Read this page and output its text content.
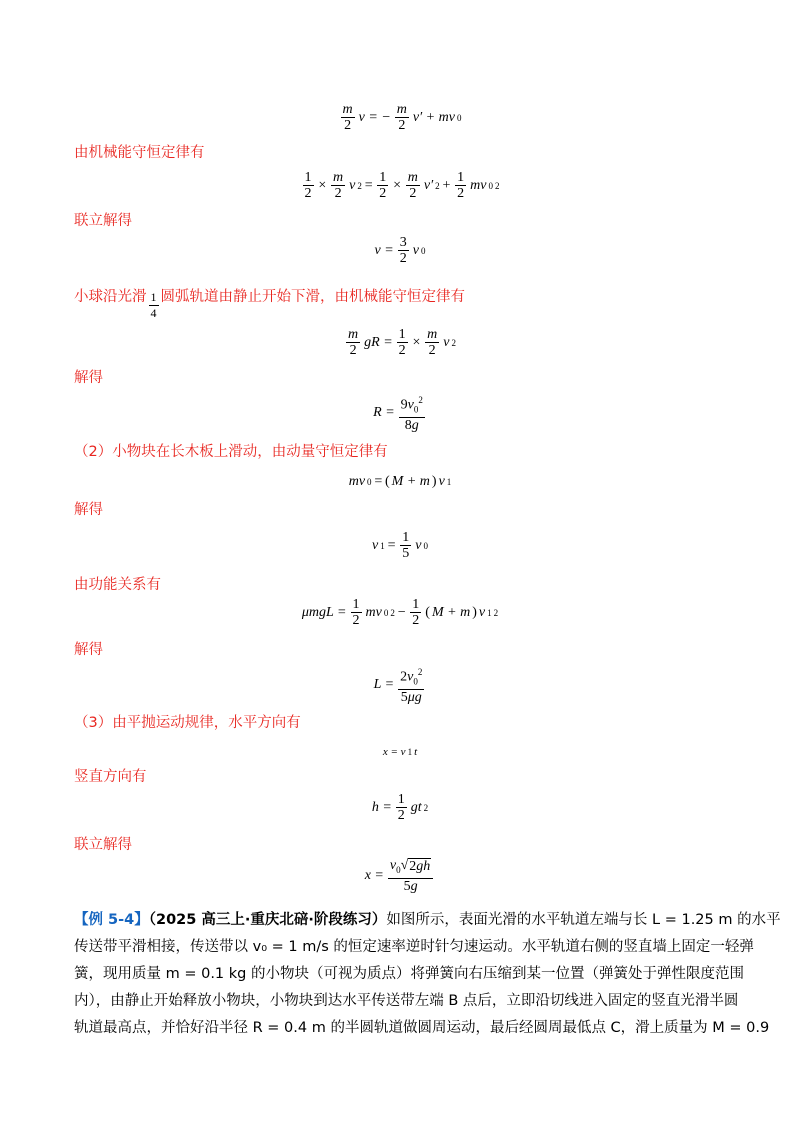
$\frac{m}{2}$ v = − $\frac{m}{2} v'$ + mv 0
由机械能守恒定律有
$\frac{1}{2} \times \frac{m}{2}$ v $2 = \frac{1}{2} \times \frac{m}{2} v'$ $2 + \frac{1}{2}$ mv 0 2
联立解得
$v = \frac{3}{2}$ v 0
小球沿光滑 $\frac{1}{4}$ 圆弧轨道由静止开始下滑，由机械能守恒定律有
$\frac{m}{2}$ gR = $\frac{1}{2} \times \frac{m}{2}$ v 2
解得
$R = \frac{9v_0^2}{8g}$
（2）小物块在长木板上滑动，由动量守恒定律有
mv 0 = ( M + m ) v 1
解得
v $1 = \frac{1}{5}$ v 0
由功能关系有
$\mu mgL = \frac{1}{2}$ mv 0 $2 - \frac{1}{2}$ ( M + m ) v 1 2
解得
$L = \frac{2v_0^2}{5\mu g}$
（3）由平抛运动规律，水平方向有
x = v 1 t
竖直方向有
$h = \frac{1}{2}$ gt 2
联立解得
$x = \frac{v_0 √ 2gh}{5g}$
【例 5-4】（2025 高三上·重庆北碚·阶段练习）如图所示，表面光滑的水平轨道左端与长 L = 1.25 m 的水平
传送带平滑相接，传送带以 v₀ = 1 m/s 的恒定速率逆时针匀速运动。水平轨道右侧的竖直墙上固定一轻弹
簧，现用质量 m = 0.1 kg 的小物块（可视为质点）将弹簧向右压缩到某一位置（弹簧处于弹性限度范围
内），由静止开始释放小物块，小物块到达水平传送带左端 B 点后，立即沿切线进入固定的竖直光滑半圆
轨道最高点，并恰好沿半径 R = 0.4 m 的半圆轨道做圆周运动，最后经圆周最低点 C，滑上质量为 M = 0.9
